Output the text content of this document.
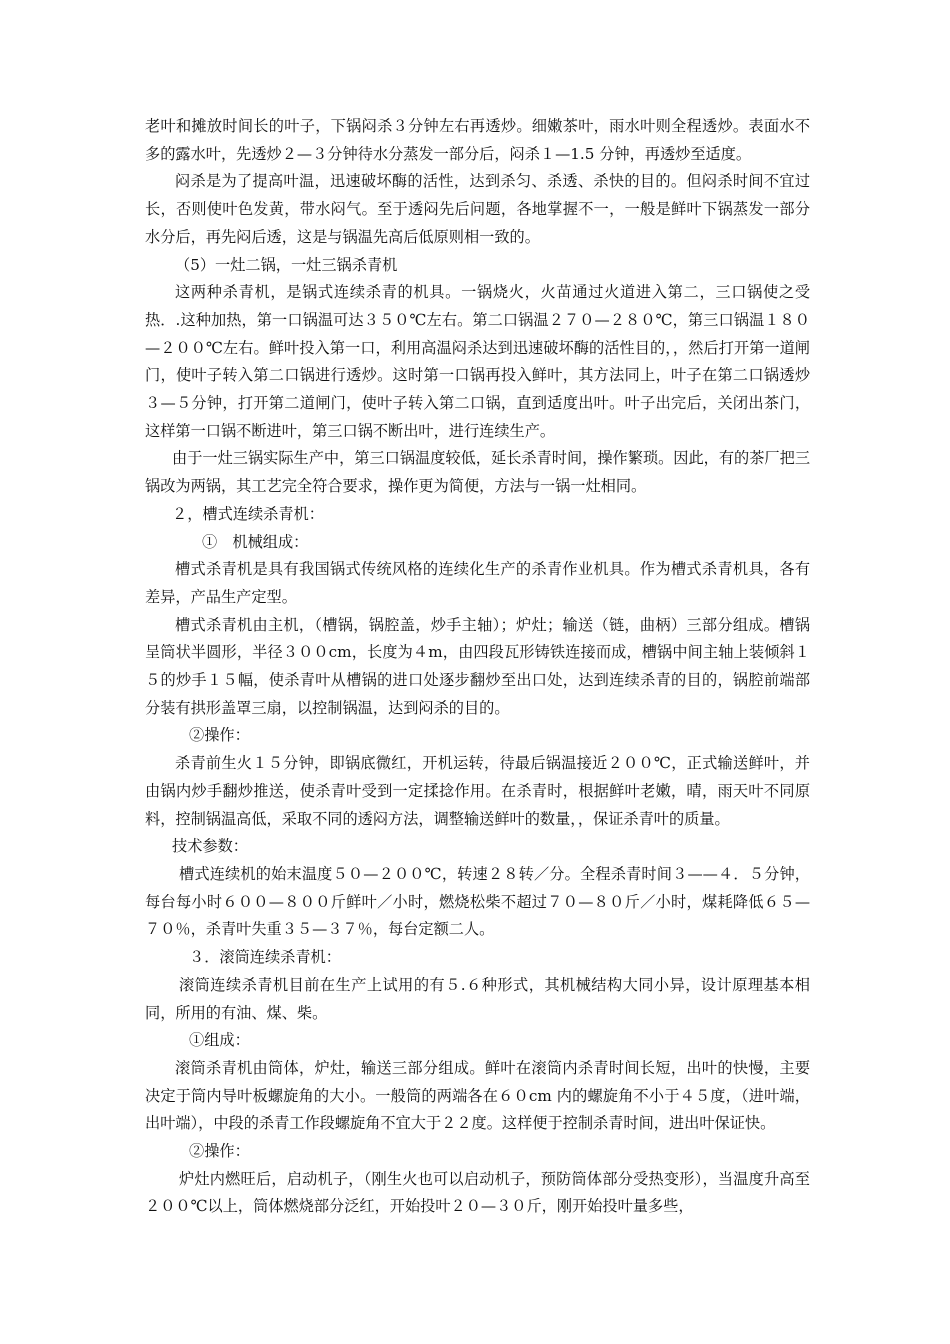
老叶和摊放时间长的叶子，下锅闷杀３分钟左右再透炒。细嫩茶叶，雨水叶则全程透炒。表面水不多的露水叶，先透炒２—３分钟待水分蒸发一部分后，闷杀１—1.5 分钟，再透炒至适度。

闷杀是为了提高叶温，迅速破坏酶的活性，达到杀匀、杀透、杀快的目的。但闷杀时间不宜过长，否则使叶色发黄，带水闷气。至于透闷先后问题，各地掌握不一，一般是鲜叶下锅蒸发一部分水分后，再先闷后透，这是与锅温先高后低原则相一致的。

（5）一灶二锅，一灶三锅杀青机

这两种杀青机，是锅式连续杀青的机具。一锅烧火，火苗通过火道进入第二，三口锅使之受热．.这种加热，第一口锅温可达３５０℃左右。第二口锅温２７０—２８０℃，第三口锅温１８０—２００℃左右。鲜叶投入第一口，利用高温闷杀达到迅速破坏酶的活性目的，，然后打开第一道闸门，使叶子转入第二口锅进行透炒。这时第一口锅再投入鲜叶，其方法同上，叶子在第二口锅透炒３—５分钟，打开第二道闸门，使叶子转入第二口锅，直到适度出叶。叶子出完后，关闭出茶门，这样第一口锅不断进叶，第三口锅不断出叶，进行连续生产。

由于一灶三锅实际生产中，第三口锅温度较低，延长杀青时间，操作繁琐。因此，有的茶厂把三锅改为两锅，其工艺完全符合要求，操作更为简便，方法与一锅一灶相同。

２，槽式连续杀青机：

①　机械组成：

槽式杀青机是具有我国锅式传统风格的连续化生产的杀青作业机具。作为槽式杀青机具，各有差异，产品生产定型。

槽式杀青机由主机，（槽锅，锅腔盖，炒手主轴）；炉灶；输送（链，曲柄）三部分组成。槽锅呈筒状半圆形，半径３００cm，长度为４m，由四段瓦形铸铁连接而成，槽锅中间主轴上装倾斜１５的炒手１５幅，使杀青叶从槽锅的进口处逐步翻炒至出口处，达到连续杀青的目的，锅腔前端部分装有拱形盖罩三扇，以控制锅温，达到闷杀的目的。

②操作：

杀青前生火１５分钟，即锅底微红，开机运转，待最后锅温接近２００℃，正式输送鲜叶，并由锅内炒手翻炒推送，使杀青叶受到一定揉捻作用。在杀青时，根据鲜叶老嫩，晴，雨天叶不同原料，控制锅温高低，采取不同的透闷方法，调整输送鲜叶的数量，，保证杀青叶的质量。

技术参数：

槽式连续机的始末温度５０—２００℃，转速２８转／分。全程杀青时间３——４．５分钟，每台每小时６００—８００斤鲜叶／小时，燃烧松柴不超过７０—８０斤／小时，煤耗降低６５—７０％，杀青叶失重３５—３７％，每台定额二人。

３．滚筒连续杀青机：

滚筒连续杀青机目前在生产上试用的有５.６种形式，其机械结构大同小异，设计原理基本相同，所用的有油、煤、柴。

①组成：

滚筒杀青机由筒体，炉灶，输送三部分组成。鲜叶在滚筒内杀青时间长短，出叶的快慢，主要决定于筒内导叶板螺旋角的大小。一般筒的两端各在６０cm 内的螺旋角不小于４５度，（进叶端，出叶端），中段的杀青工作段螺旋角不宜大于２２度。这样便于控制杀青时间，进出叶保证快。

②操作：

炉灶内燃旺后，启动机子，（刚生火也可以启动机子，预防筒体部分受热变形），当温度升高至２００℃以上，筒体燃烧部分泛红，开始投叶２０—３０斤，刚开始投叶量多些，
